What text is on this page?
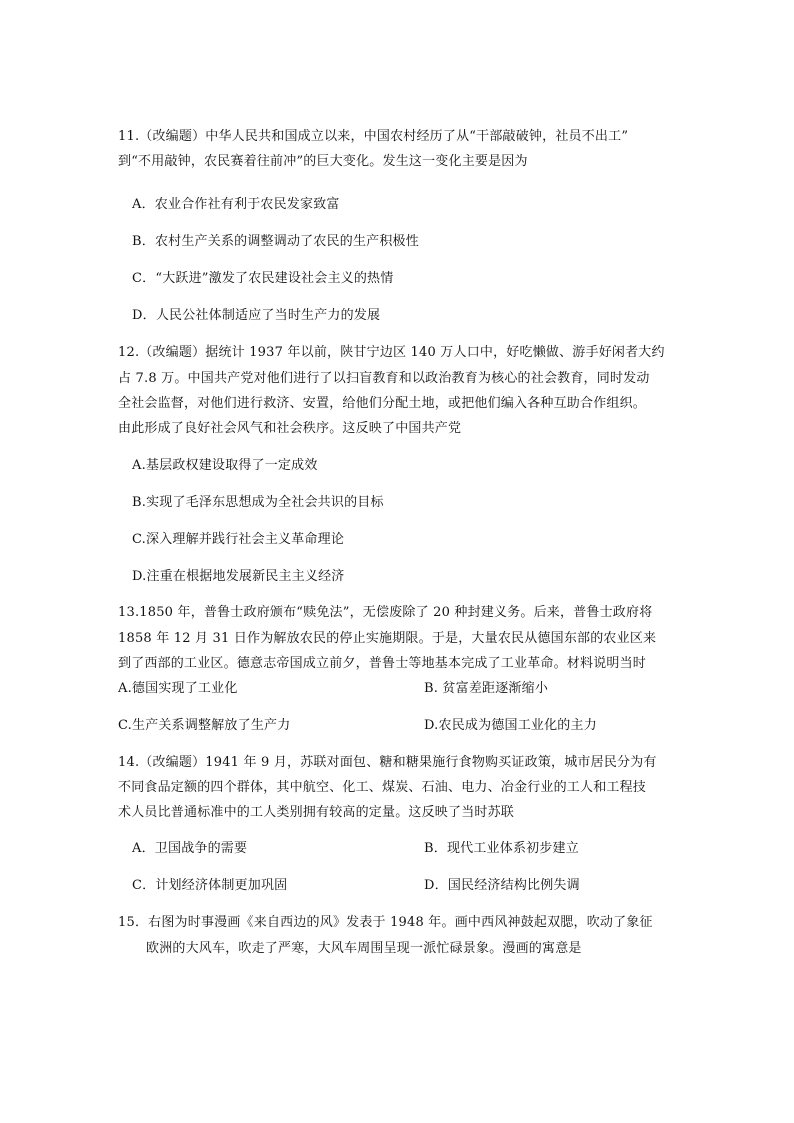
11.（改编题）中华人民共和国成立以来，中国农村经历了从“干部敲破钟，社员不出工”
到“不用敲钟，农民赛着往前冲”的巨大变化。发生这一变化主要是因为
A．农业合作社有利于农民发家致富
B．农村生产关系的调整调动了农民的生产积极性
C．“大跃进”激发了农民建设社会主义的热情
D．人民公社体制适应了当时生产力的发展
12.（改编题）据统计 1937 年以前，陕甘宁边区 140 万人口中，好吃懒做、游手好闲者大约
占 7.8 万。中国共产党对他们进行了以扫盲教育和以政治教育为核心的社会教育，同时发动
全社会监督，对他们进行救济、安置，给他们分配土地，或把他们编入各种互助合作组织。
由此形成了良好社会风气和社会秩序。这反映了中国共产党
A.基层政权建设取得了一定成效
B.实现了毛泽东思想成为全社会共识的目标
C.深入理解并践行社会主义革命理论
D.注重在根据地发展新民主主义经济
13.1850 年，普鲁士政府颁布“赎免法”，无偿废除了 20 种封建义务。后来，普鲁士政府将
1858 年 12 月 31 日作为解放农民的停止实施期限。于是，大量农民从德国东部的农业区来
到了西部的工业区。德意志帝国成立前夕，普鲁士等地基本完成了工业革命。材料说明当时
A.德国实现了工业化	B. 贫富差距逐渐缩小
C.生产关系调整解放了生产力	D.农民成为德国工业化的主力
14.（改编题）1941 年 9 月，苏联对面包、糖和糖果施行食物购买证政策，城市居民分为有
不同食品定额的四个群体，其中航空、化工、煤炭、石油、电力、冶金行业的工人和工程技
术人员比普通标准中的工人类别拥有较高的定量。这反映了当时苏联
A．卫国战争的需要	B．现代工业体系初步建立
C．计划经济体制更加巩固	D．国民经济结构比例失调
15．右图为时事漫画《来自西边的风》发表于 1948 年。画中西风神鼓起双腮，吹动了象征
欧洲的大风车，吹走了严寒，大风车周围呈现一派忙碌景象。漫画的寓意是
